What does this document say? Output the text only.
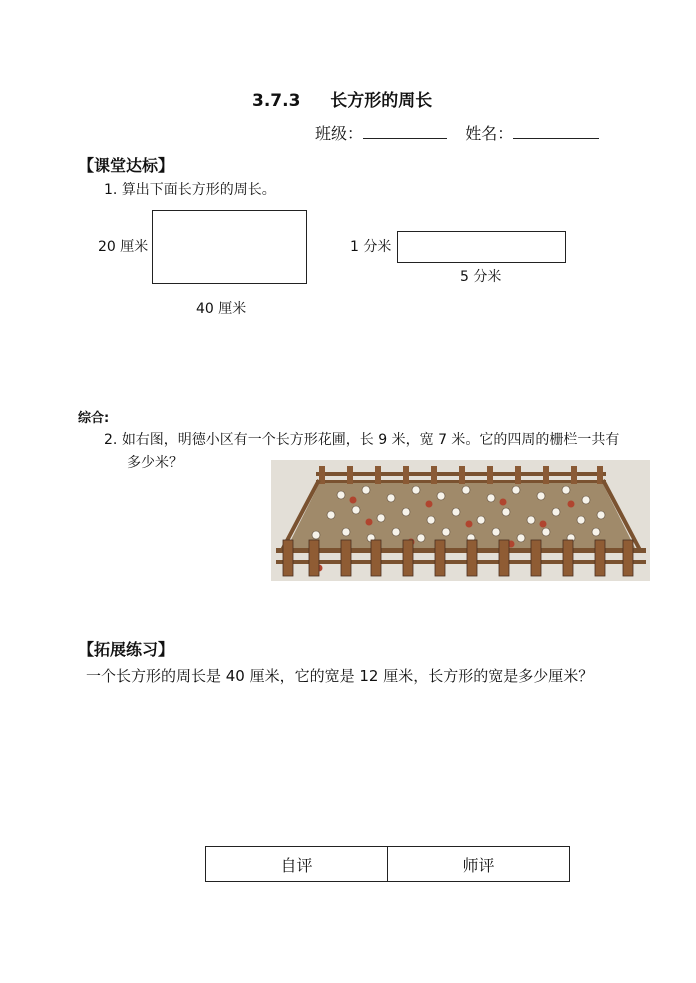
3.7.3 长方形的周长
班级：	姓名：
【课堂达标】
1. 算出下面长方形的周长。
20 厘米
40 厘米
1 分米
5 分米
综合:
2. 如右图，明德小区有一个长方形花圃，长 9 米，宽 7 米。它的四周的栅栏一共有
多少米？
【拓展练习】
一个长方形的周长是 40 厘米，它的宽是 12 厘米，长方形的宽是多少厘米？
自评	师评
